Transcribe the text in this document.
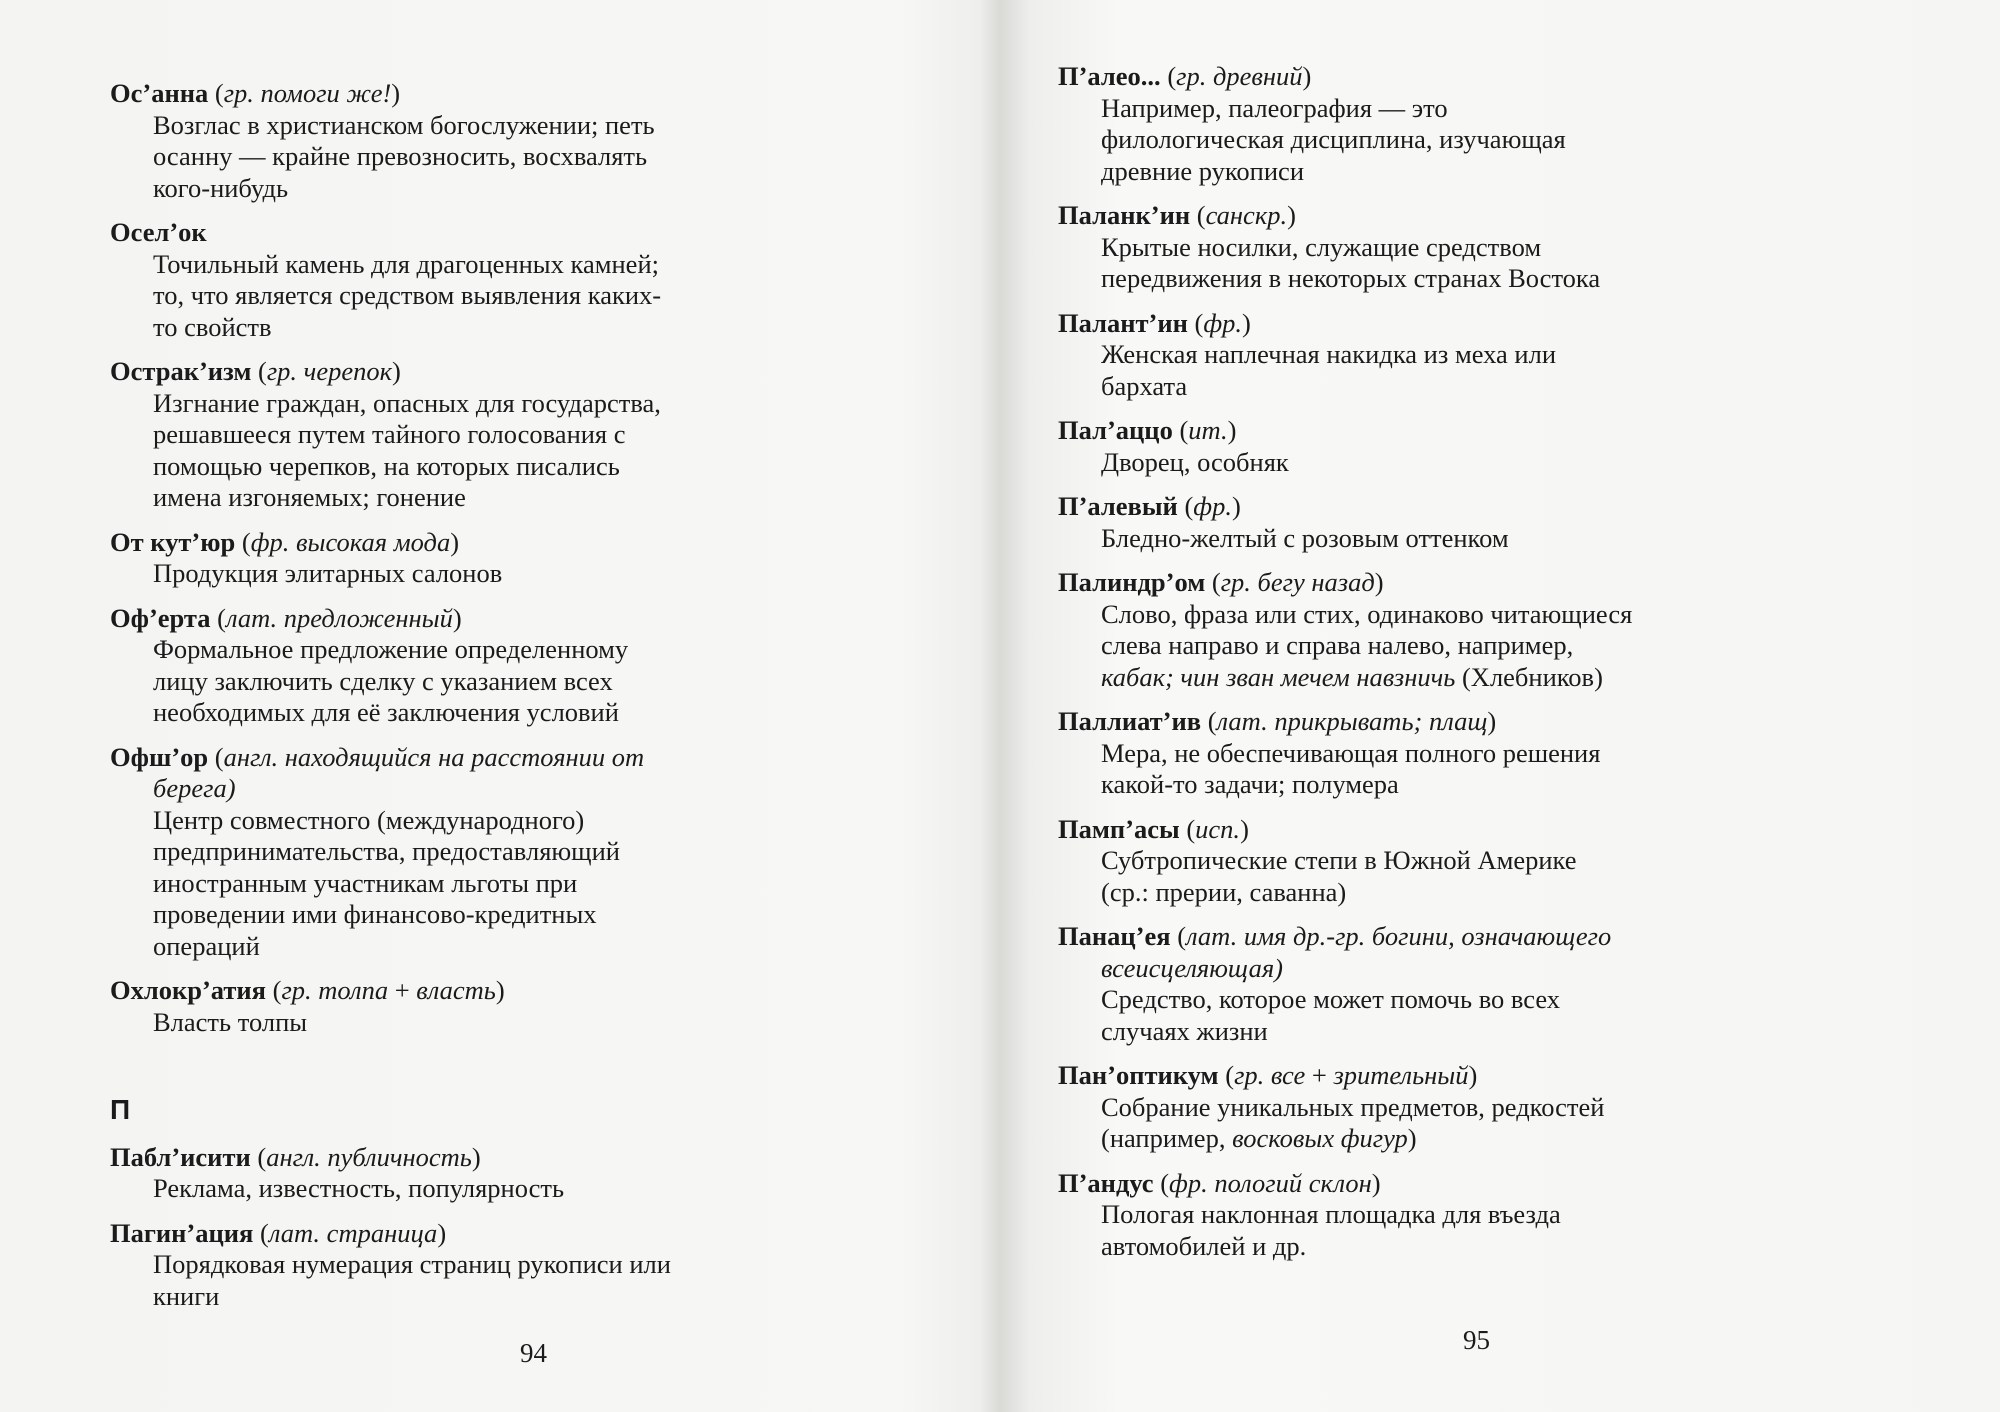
Ос’анна (гр. помоги же!)
Возглас в христианском богослужении; петь
осанну — крайне превозносить, восхвалять
кого-нибудь
Осел’ок
Точильный камень для драгоценных камней;
то, что является средством выявления каких-
то свойств
Острак’изм (гр. черепок)
Изгнание граждан, опасных для государства,
решавшееся путем тайного голосования с
помощью черепков, на которых писались
имена изгоняемых; гонение
От кут’юр (фр. высокая мода)
Продукция элитарных салонов
Оф’ерта (лат. предложенный)
Формальное предложение определенному
лицу заключить сделку с указанием всех
необходимых для её заключения условий
Офш’ор (англ. находящийся на расстоянии от
берега)
Центр совместного (международного)
предпринимательства, предоставляющий
иностранным участникам льготы при
проведении ими финансово-кредитных
операций
Охлокр’атия (гр. толпа + власть)
Власть толпы
П
Пабл’исити (англ. публичность)
Реклама, известность, популярность
Пагин’ация (лат. страница)
Порядковая нумерация страниц рукописи или
книги
94
П’алео... (гр. древний)
Например, палеография — это
филологическая дисциплина, изучающая
древние рукописи
Паланк’ин (санскр.)
Крытые носилки, служащие средством
передвижения в некоторых странах Востока
Палант’ин (фр.)
Женская наплечная накидка из меха или
бархата
Пал’аццо (ит.)
Дворец, особняк
П’алевый (фр.)
Бледно-желтый с розовым оттенком
Палиндр’ом (гр. бегу назад)
Слово, фраза или стих, одинаково читающиеся
слева направо и справа налево, например,
кабак; чин зван мечем навзничь (Хлебников)
Паллиат’ив (лат. прикрывать; плащ)
Мера, не обеспечивающая полного решения
какой-то задачи; полумера
Памп’асы (исп.)
Субтропические степи в Южной Америке
(ср.: прерии, саванна)
Панац’ея (лат. имя др.-гр. богини, означающего
всеисцеляющая)
Средство, которое может помочь во всех
случаях жизни
Пан’оптикум (гр. все + зрительный)
Собрание уникальных предметов, редкостей
(например, восковых фигур)
П’андус (фр. пологий склон)
Пологая наклонная площадка для въезда
автомобилей и др.
95
